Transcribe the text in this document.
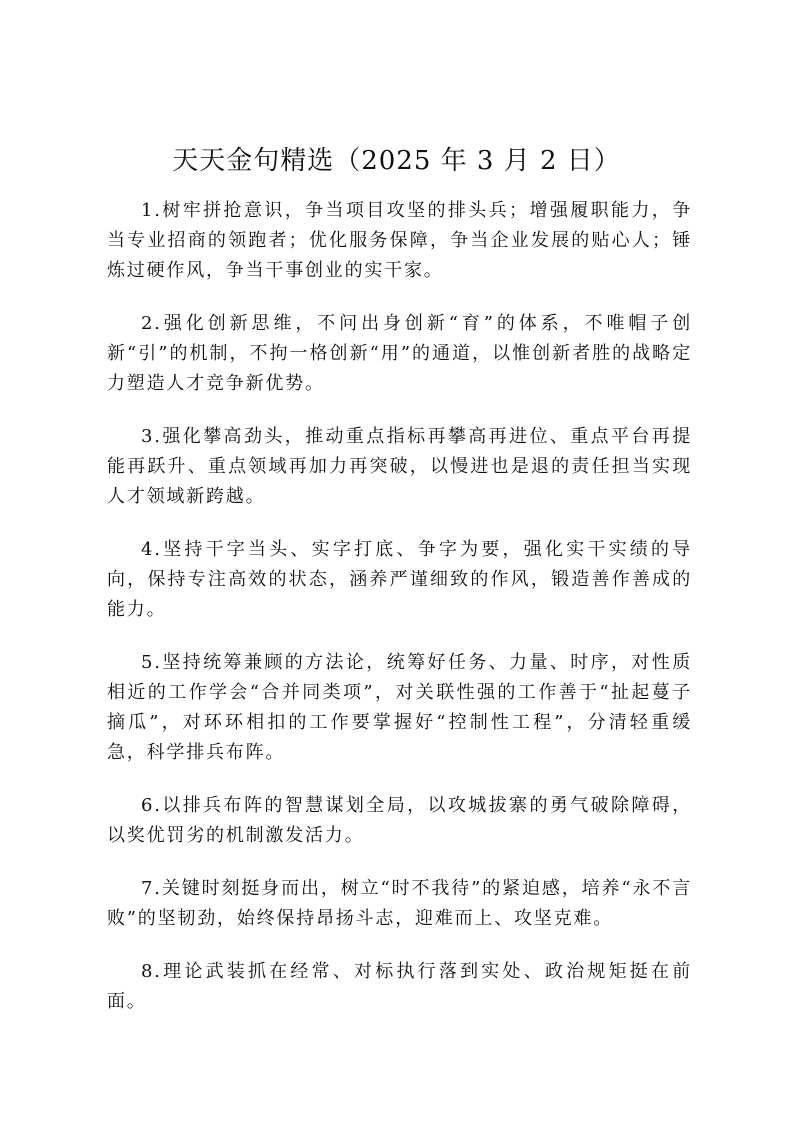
天天金句精选（2025 年 3 月 2 日）

1.树牢拼抢意识，争当项目攻坚的排头兵；增强履职能力，争当专业招商的领跑者；优化服务保障，争当企业发展的贴心人；锤炼过硬作风，争当干事创业的实干家。

2.强化创新思维，不问出身创新“育”的体系，不唯帽子创新“引”的机制，不拘一格创新“用”的通道，以惟创新者胜的战略定力塑造人才竞争新优势。

3.强化攀高劲头，推动重点指标再攀高再进位、重点平台再提能再跃升、重点领域再加力再突破，以慢进也是退的责任担当实现人才领域新跨越。

4.坚持干字当头、实字打底、争字为要，强化实干实绩的导向，保持专注高效的状态，涵养严谨细致的作风，锻造善作善成的能力。

5.坚持统筹兼顾的方法论，统筹好任务、力量、时序，对性质相近的工作学会“合并同类项”，对关联性强的工作善于“扯起蔓子摘瓜”，对环环相扣的工作要掌握好“控制性工程”，分清轻重缓急，科学排兵布阵。

6.以排兵布阵的智慧谋划全局，以攻城拔寨的勇气破除障碍，以奖优罚劣的机制激发活力。

7.关键时刻挺身而出，树立“时不我待”的紧迫感，培养“永不言败”的坚韧劲，始终保持昂扬斗志，迎难而上、攻坚克难。

8.理论武装抓在经常、对标执行落到实处、政治规矩挺在前面。
